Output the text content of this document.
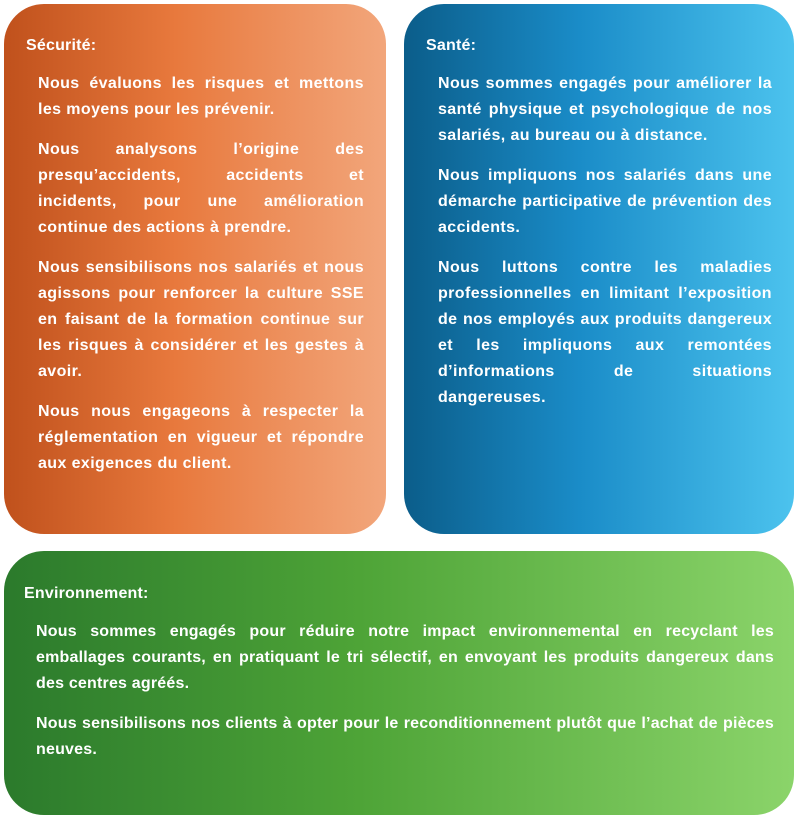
Sécurité:

Nous évaluons les risques et mettons les moyens pour les prévenir.

Nous analysons l’origine des presqu’accidents, accidents et incidents, pour une amélioration continue des actions à prendre.

Nous sensibilisons nos salariés et nous agissons pour renforcer la culture SSE en faisant de la formation continue sur les risques à considérer et les gestes à avoir.

Nous nous engageons à respecter la réglementation en vigueur et répondre aux exigences du client.

Santé:

Nous sommes engagés pour améliorer la santé physique et psychologique de nos salariés, au bureau ou à distance.

Nous impliquons nos salariés dans une démarche participative de prévention des accidents.

Nous luttons contre les maladies professionnelles en limitant l’exposition de nos employés aux produits dangereux et les impliquons aux remontées d’informations de situations dangereuses.

Environnement:

Nous sommes engagés pour réduire notre impact environnemental en recyclant les emballages courants, en pratiquant le tri sélectif, en envoyant les produits dangereux dans des centres agréés.

Nous sensibilisons nos clients à opter pour le reconditionnement plutôt que l’achat de pièces neuves.
